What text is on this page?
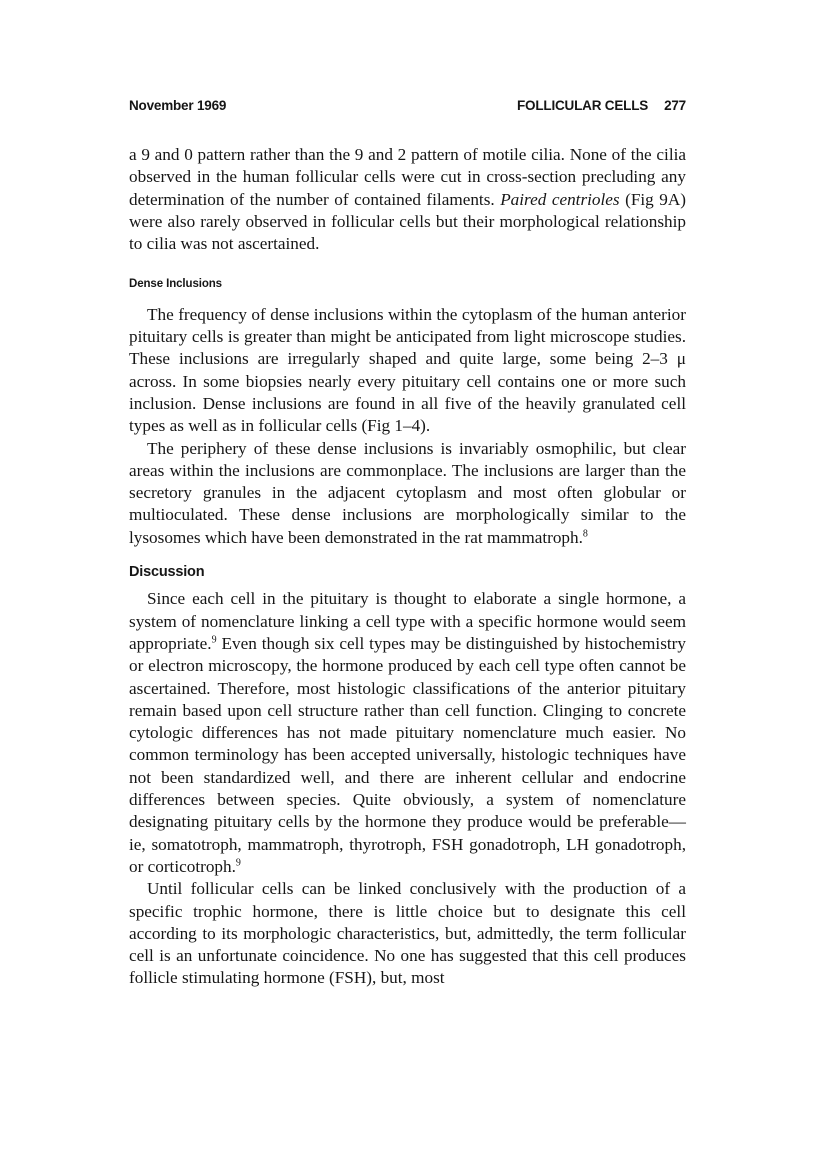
November 1969	FOLLICULAR CELLS 277

a 9 and 0 pattern rather than the 9 and 2 pattern of motile cilia. None of the cilia observed in the human follicular cells were cut in cross-section precluding any determination of the number of contained filaments. Paired centrioles (Fig 9A) were also rarely observed in follicular cells but their morphological relationship to cilia was not ascertained.

Dense Inclusions

The frequency of dense inclusions within the cytoplasm of the human anterior pituitary cells is greater than might be anticipated from light microscope studies. These inclusions are irregularly shaped and quite large, some being 2–3 μ across. In some biopsies nearly every pituitary cell contains one or more such inclusion. Dense inclusions are found in all five of the heavily granulated cell types as well as in follicular cells (Fig 1–4).

The periphery of these dense inclusions is invariably osmophilic, but clear areas within the inclusions are commonplace. The inclusions are larger than the secretory granules in the adjacent cytoplasm and most often globular or multioculated. These dense inclusions are morphologically similar to the lysosomes which have been demonstrated in the rat mammatroph.$^8$

Discussion

Since each cell in the pituitary is thought to elaborate a single hormone, a system of nomenclature linking a cell type with a specific hormone would seem appropriate.$^9$ Even though six cell types may be distinguished by histochemistry or electron microscopy, the hormone produced by each cell type often cannot be ascertained. Therefore, most histologic classifications of the anterior pituitary remain based upon cell structure rather than cell function. Clinging to concrete cytologic differences has not made pituitary nomenclature much easier. No common terminology has been accepted universally, histologic techniques have not been standardized well, and there are inherent cellular and endocrine differences between species. Quite obviously, a system of nomenclature designating pituitary cells by the hormone they produce would be preferable—ie, somatotroph, mammatroph, thyrotroph, FSH gonadotroph, LH gonadotroph, or corticotroph.$^9$

Until follicular cells can be linked conclusively with the production of a specific trophic hormone, there is little choice but to designate this cell according to its morphologic characteristics, but, admittedly, the term follicular cell is an unfortunate coincidence. No one has suggested that this cell produces follicle stimulating hormone (FSH), but, most
